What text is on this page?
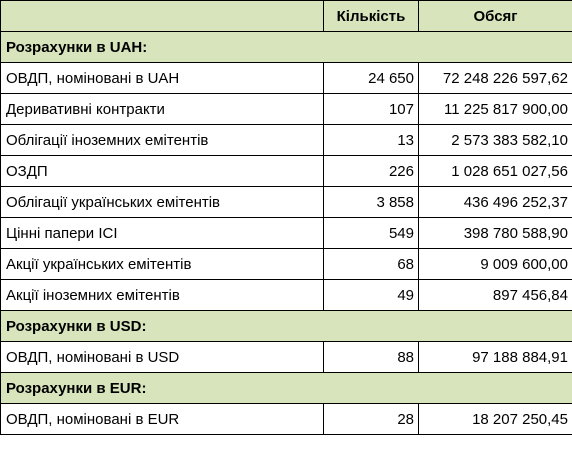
	Кількість	Обсяг
Розрахунки в UAH:		
ОВДП, номіновані в UAH	24 650	72 248 226 597,62
Деривативні контракти	107	11 225 817 900,00
Облігації іноземних емітентів	13	2 573 383 582,10
ОЗДП	226	1 028 651 027,56
Облігації українських емітентів	3 858	436 496 252,37
Цінні папери ІСІ	549	398 780 588,90
Акції українських емітентів	68	9 009 600,00
Акції іноземних емітентів	49	897 456,84
Розрахунки в USD:		
ОВДП, номіновані в USD	88	97 188 884,91
Розрахунки в EUR:		
ОВДП, номіновані в EUR	28	18 207 250,45
